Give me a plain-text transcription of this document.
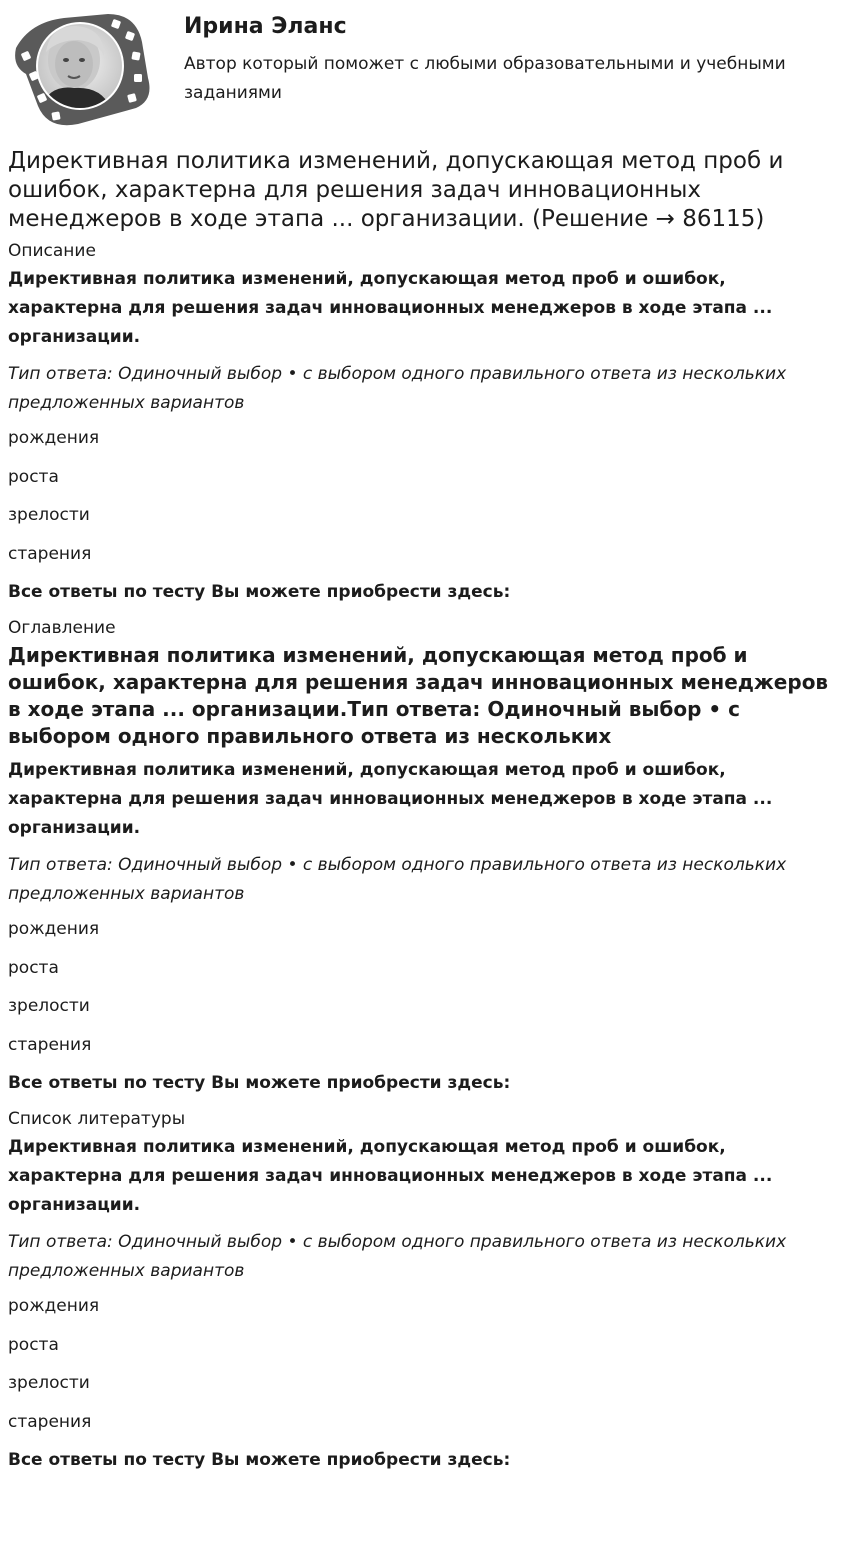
Ирина Эланс

Автор который поможет с любыми образовательными и учебными заданиями

Директивная политика изменений, допускающая метод проб и ошибок, характерна для решения задач инновационных менеджеров в ходе этапа ... организации. (Решение → 86115)
Описание

Директивная политика изменений, допускающая метод проб и ошибок, характерна для решения задач инновационных менеджеров в ходе этапа ... организации.

Тип ответа: Одиночный выбор • с выбором одного правильного ответа из нескольких предложенных вариантов

рождения

роста

зрелости

старения

Все ответы по тесту Вы можете приобрести здесь:

Оглавление
Директивная политика изменений, допускающая метод проб и ошибок, характерна для решения задач инновационных менеджеров в ходе этапа ... организации.Тип ответа: Одиночный выбор • с выбором одного правильного ответа из нескольких

Директивная политика изменений, допускающая метод проб и ошибок, характерна для решения задач инновационных менеджеров в ходе этапа ... организации.

Тип ответа: Одиночный выбор • с выбором одного правильного ответа из нескольких предложенных вариантов

рождения

роста

зрелости

старения

Все ответы по тесту Вы можете приобрести здесь:

Список литературы

Директивная политика изменений, допускающая метод проб и ошибок, характерна для решения задач инновационных менеджеров в ходе этапа ... организации.

Тип ответа: Одиночный выбор • с выбором одного правильного ответа из нескольких предложенных вариантов

рождения

роста

зрелости

старения

Все ответы по тесту Вы можете приобрести здесь:
